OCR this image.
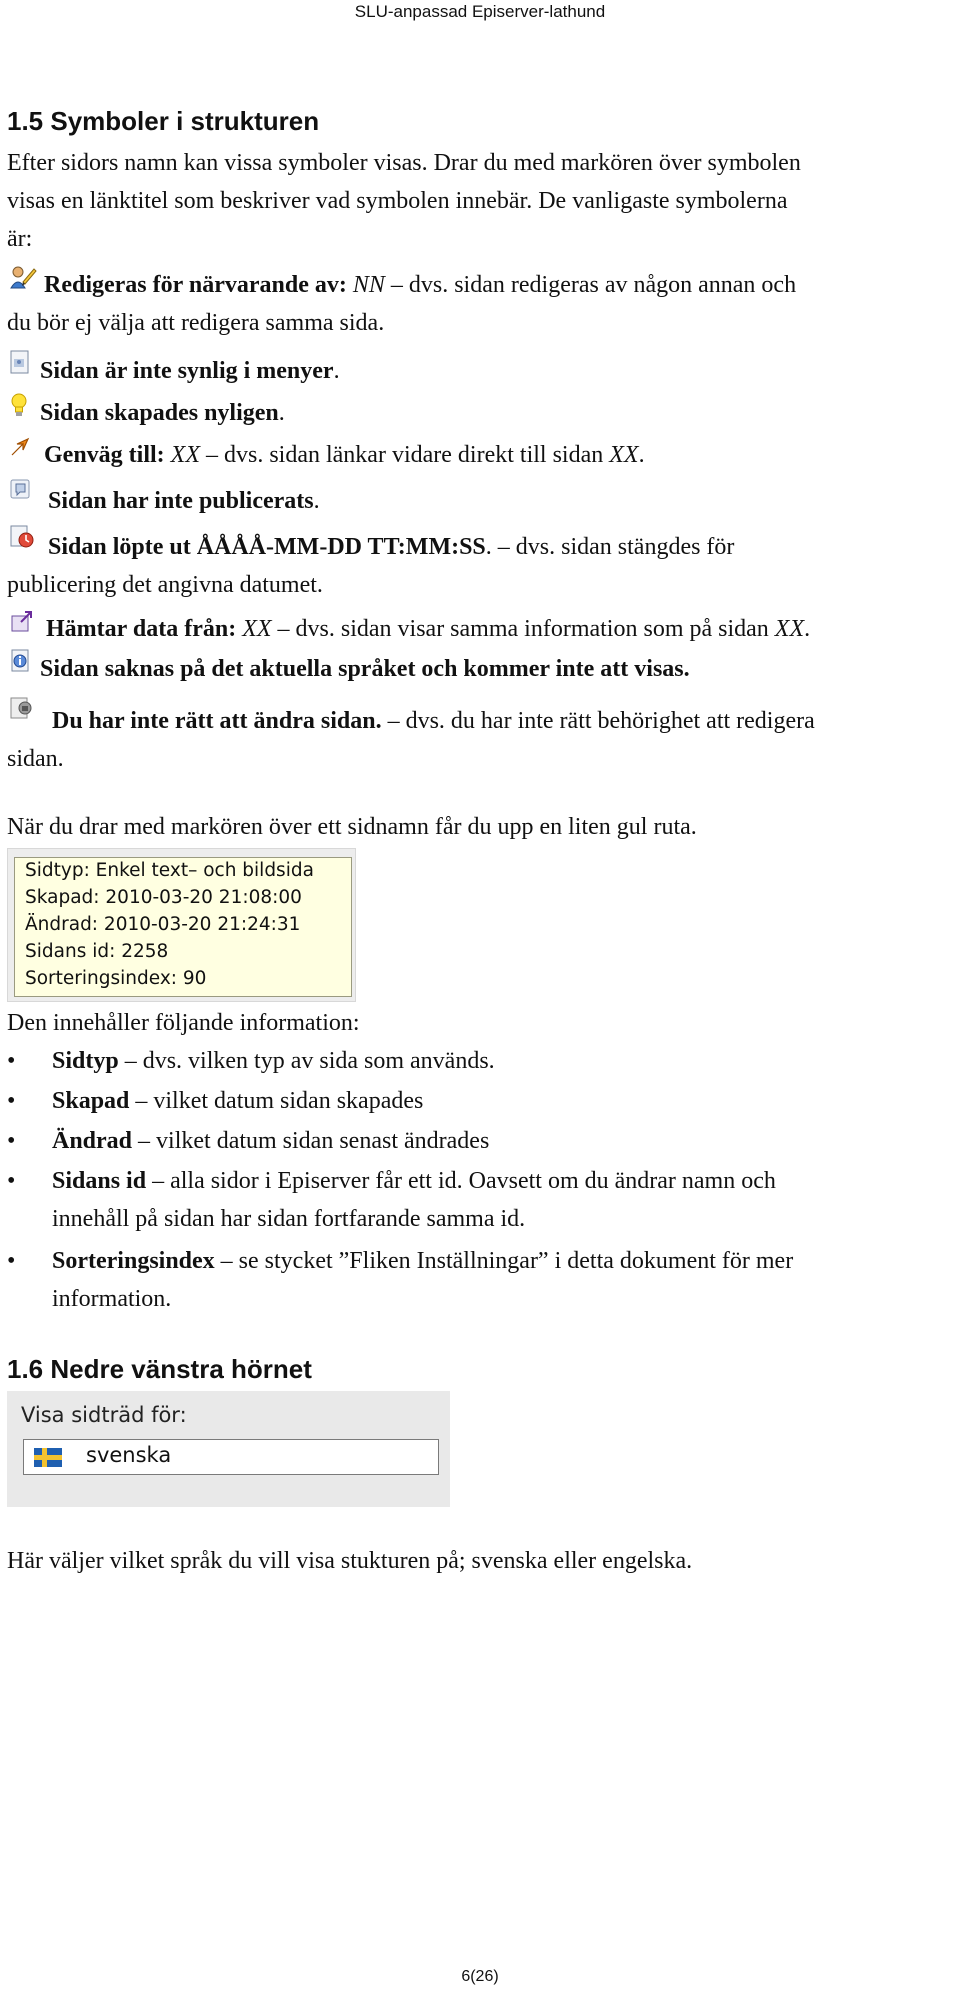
SLU-anpassad Episerver-lathund
1.5 Symboler i strukturen
Efter sidors namn kan vissa symboler visas. Drar du med markören över symbolen
visas en länktitel som beskriver vad symbolen innebär. De vanligaste symbolerna
är:
Redigeras för närvarande av: NN – dvs. sidan redigeras av någon annan och
du bör ej välja att redigera samma sida.
Sidan är inte synlig i menyer.
Sidan skapades nyligen.
Genväg till: XX – dvs. sidan länkar vidare direkt till sidan XX.
Sidan har inte publicerats.
Sidan löpte ut ÅÅÅÅ-MM-DD TT:MM:SS. – dvs. sidan stängdes för
publicering det angivna datumet.
Hämtar data från: XX – dvs. sidan visar samma information som på sidan XX.
Sidan saknas på det aktuella språket och kommer inte att visas.
Du har inte rätt att ändra sidan. – dvs. du har inte rätt behörighet att redigera
sidan.
När du drar med markören över ett sidnamn får du upp en liten gul ruta.
Sidtyp: Enkel text– och bildsida
Skapad: 2010-03-20 21:08:00
Ändrad: 2010-03-20 21:24:31
Sidans id: 2258
Sorteringsindex: 90
Den innehåller följande information:
• Sidtyp – dvs. vilken typ av sida som används.
• Skapad – vilket datum sidan skapades
• Ändrad – vilket datum sidan senast ändrades
• Sidans id – alla sidor i Episerver får ett id. Oavsett om du ändrar namn och
innehåll på sidan har sidan fortfarande samma id.
• Sorteringsindex – se stycket ”Fliken Inställningar” i detta dokument för mer
information.
1.6 Nedre vänstra hörnet
Visa sidträd för:
svenska
Här väljer vilket språk du vill visa stukturen på; svenska eller engelska.
6(26)
